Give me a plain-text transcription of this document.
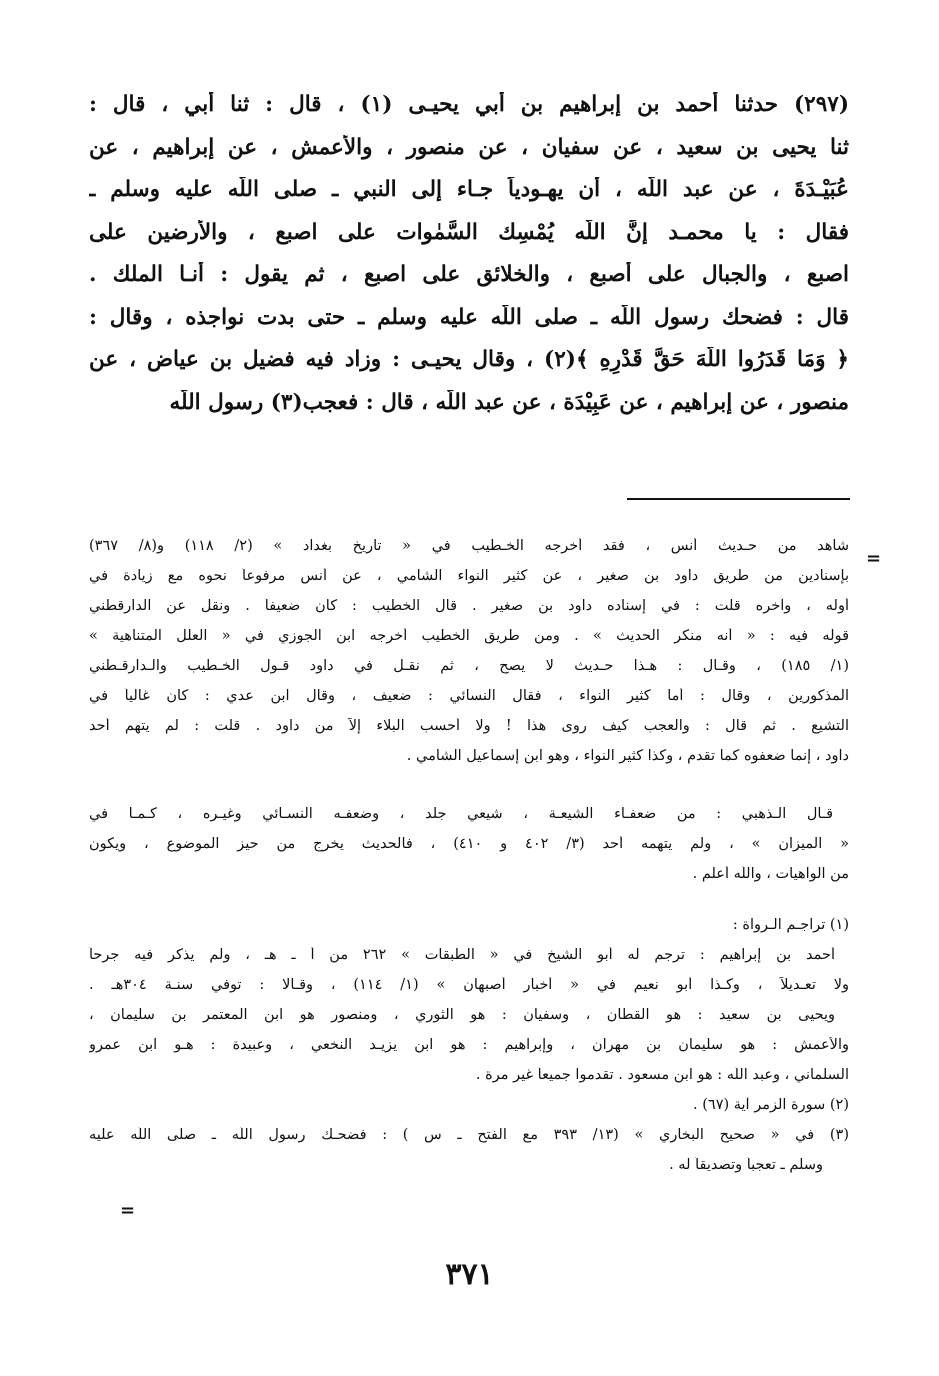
(٢٩٧) حدثنا أحمد بن إبراهيم بن أبي يحيـى (١) ، قال : ثنا أبي ، قال :
ثنا يحيى بن سعيد ، عن سفيان ، عن منصور ، والأعمش ، عن إبراهيم ، عن
عُبَيْـدَةَ ، عن عبد اللَّه ، أن يهـودياً جـاء إلى النبي ـ صلى اللَّه عليه وسلم ـ
فقال : يا محمـد إنَّ اللَّه يُمْسِك السَّمٰوات على اصبع ، والأرضين على
اصبع ، والجبال على أصبع ، والخلائق على اصبع ، ثم يقول : أنـا الملك .
قال : فضحك رسول اللَّه ـ صلى اللَّه عليه وسلم ـ حتى بدت نواجذه ، وقال :
﴿ وَمَا قَدَرُوا اللَّهَ حَقَّ قَدْرِهِ ﴾(٢) ، وقال يحيـى : وزاد فيه فضيل بن عياض ، عن
منصور ، عن إبراهيم ، عن عَبِيْدَة ، عن عبد اللَّه ، قال : فعجب(٣) رسول اللَّه
=
شاهد من حـديث أنس ، فقد أخرجه الخـطيب في « تاريخ بغداد » (٢/ ١١٨) و(٨/ ٣٦٧)
بإسنادين من طريق داود بن صغير ، عن كثير النواء الشامي ، عن أنس مرفوعاً نحوه مع زيادة في
أوله ، وآخره قلت : في إسناده داود بن صغير . قال الخطيب : كان ضعيفاً . ونقل عن الدارقطني
قوله فيه : « أنه منكر الحديث » . ومن طريق الخطيب أخرجه ابن الجوزي في « العلل المتناهية »
(١/ ١٨٥) ، وقـال : هـذا حـديث لا يصح ، ثم نقـل في داود قـول الخـطيب والـدارقـطني
المذكورين ، وقال : أما كثير النواء ، فقال النسائي : ضعيف ، وقال ابن عدي : كان غالياً في
التشيع . ثم قال : والعجب كيف روى هذا ! ولا أحسب البلاء إلاَّ من داود . قلت : لم يتهم أحد
داود ، إنما ضعفوه كما تقدم ، وكذا كثير النواء ، وهو ابن إسماعيل الشامي .
قـال الـذهبي : من ضعفـاء الشيعـة ، شيعي جلد ، وضعفـه النسـائي وغيـره ، كـمـا في
« الميزان » ، ولم يتهمه أحد (٣/ ٤٠٢ و ٤١٠) ، فالحديث يخرج من حيز الموضوع ، ويكون
من الواهيات ، واللَّه أعلم .
(١) تراجـم الـرواة :
أحمد بن إبراهيم : ترجم له أبو الشيخ في « الطبقات » ٢٦٢ من أ ـ هـ ، ولم يذكر فيه جرحاً
ولا تعـديلاً ، وكـذا أبو نعيم في « أخبار أصبهان » (١/ ١١٤) ، وقـالا : توفي سنـة ٣٠٤هـ .
ويحيى بن سعيد : هو القطان ، وسفيان : هو الثوري ، ومنصور هو ابن المعتمر بن سليمان ،
والأعمش : هو سليمان بن مهران ، وإبراهيم : هو ابن يزيـد النخعي ، وعبيدة : هـو ابن عمرو
السلماني ، وعبد اللَّه : هو ابن مسعود . تقدموا جميعاً غير مرة .
(٢) سورة الزمر آية (٦٧) .
(٣) في « صحيح البخاري » (١٣/ ٣٩٣ مع الفتح ـ س ) : فضحـك رسول اللَّه ـ صلى اللَّه عليه
وسلم ـ تعجباً وتصديقاً له .
=
٣٧١
